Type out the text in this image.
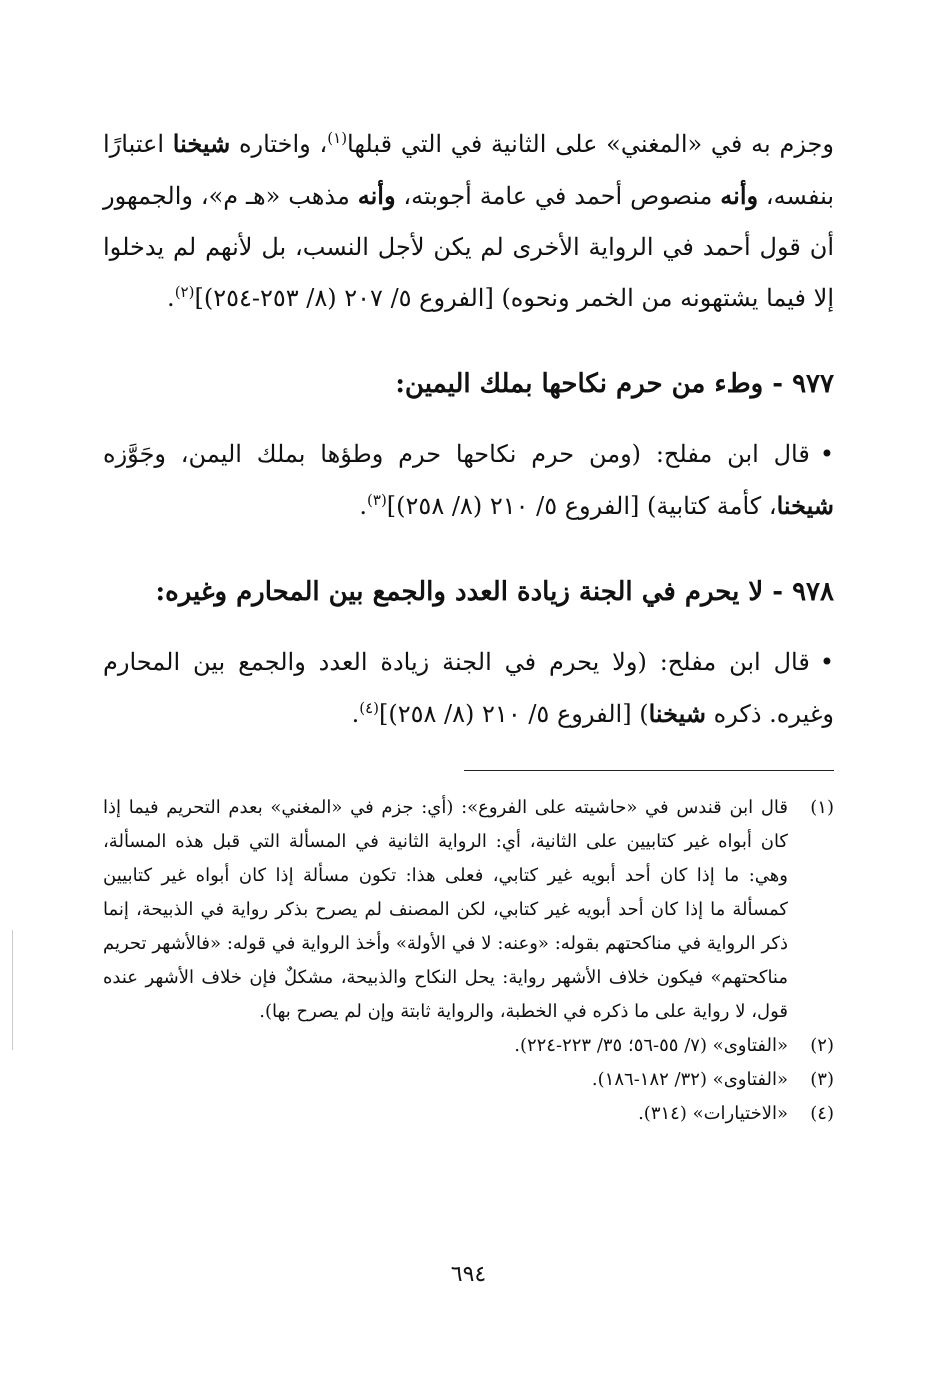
وجزم به في «المغني» على الثانية في التي قبلها$^{(١)}$، واختاره شيخنا اعتبارًا بنفسه، وأنه منصوص أحمد في عامة أجوبته، وأنه مذهب «هـ م»، والجمهور أن قول أحمد في الرواية الأخرى لم يكن لأجل النسب، بل لأنهم لم يدخلوا إلا فيما يشتهونه من الخمر ونحوه) [الفروع ٥/ ٢٠٧ (٨/ ٢٥٣-٢٥٤)]$^{(٢)}$.

٩٧٧ - وطء من حرم نكاحها بملك اليمين:

•قال ابن مفلح: (ومن حرم نكاحها حرم وطؤها بملك اليمن، وجَوَّزه شيخنا، كأمة كتابية) [الفروع ٥/ ٢١٠ (٨/ ٢٥٨)]$^{(٣)}$.

٩٧٨ - لا يحرم في الجنة زيادة العدد والجمع بين المحارم وغيره:

•قال ابن مفلح: (ولا يحرم في الجنة زيادة العدد والجمع بين المحارم وغيره. ذكره شيخنا) [الفروع ٥/ ٢١٠ (٨/ ٢٥٨)]$^{(٤)}$.

(١)
قال ابن قندس في «حاشيته على الفروع»: (أي: جزم في «المغني» بعدم التحريم فيما إذا كان أبواه غير كتابيين على الثانية، أي: الرواية الثانية في المسألة التي قبل هذه المسألة، وهي: ما إذا كان أحد أبويه غير كتابي، فعلى هذا: تكون مسألة إذا كان أبواه غير كتابيين كمسألة ما إذا كان أحد أبويه غير كتابي، لكن المصنف لم يصرح بذكر رواية في الذبيحة، إنما ذكر الرواية في مناكحتهم بقوله: «وعنه: لا في الأولة» وأخذ الرواية في قوله: «فالأشهر تحريم مناكحتهم» فيكون خلاف الأشهر رواية: يحل النكاح والذبيحة، مشكلٌ فإن خلاف الأشهر عنده قول، لا رواية على ما ذكره في الخطبة، والرواية ثابتة وإن لم يصرح بها).
(٢)
«الفتاوى» (٧/ ٥٥-٥٦؛ ٣٥/ ٢٢٣-٢٢٤).
(٣)
«الفتاوى» (٣٢/ ١٨٢-١٨٦).
(٤)
«الاختيارات» (٣١٤).
٦٩٤
